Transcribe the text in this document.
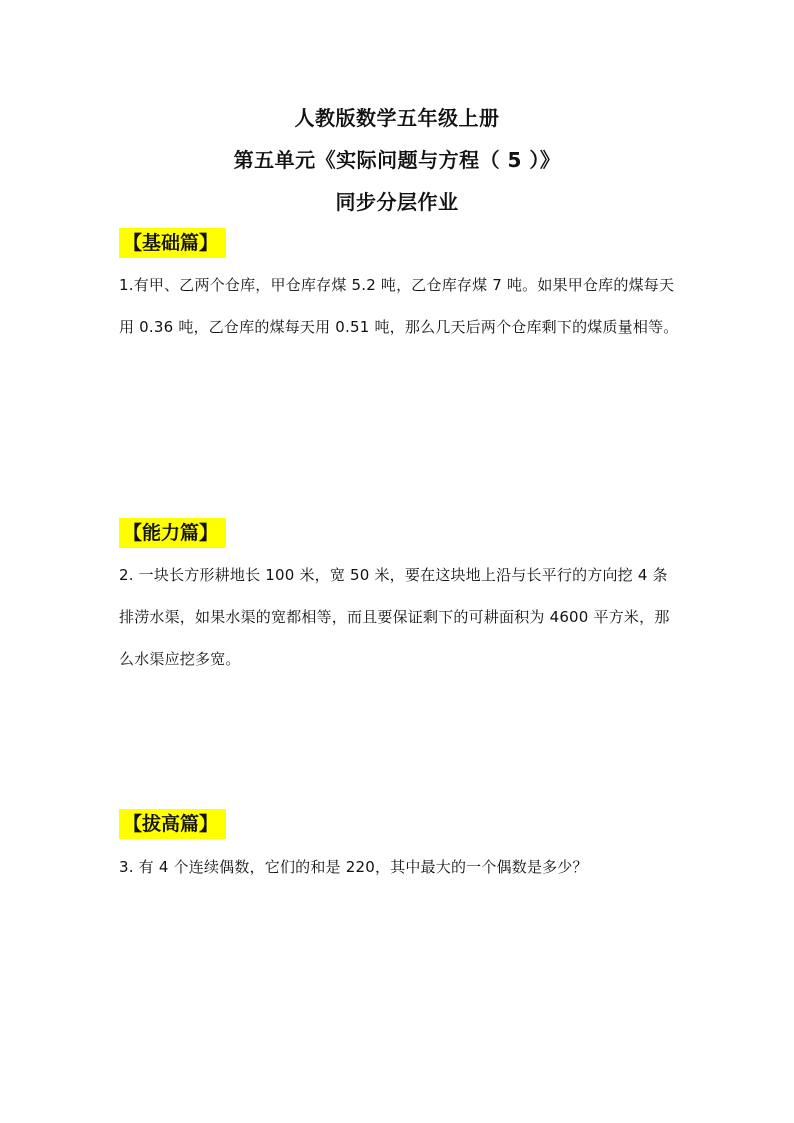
人教版数学五年级上册
第五单元《实际问题与方程（ 5 ）》
同步分层作业
【基础篇】
1.有甲、乙两个仓库，甲仓库存煤 5.2 吨，乙仓库存煤 7 吨。如果甲仓库的煤每天用 0.36 吨，乙仓库的煤每天用 0.51 吨，那么几天后两个仓库剩下的煤质量相等。
【能力篇】
2. 一块长方形耕地长 100 米，宽 50 米，要在这块地上沿与长平行的方向挖 4 条排涝水渠，如果水渠的宽都相等，而且要保证剩下的可耕面积为 4600 平方米，那么水渠应挖多宽。
【拔高篇】
3. 有 4 个连续偶数，它们的和是 220，其中最大的一个偶数是多少？
